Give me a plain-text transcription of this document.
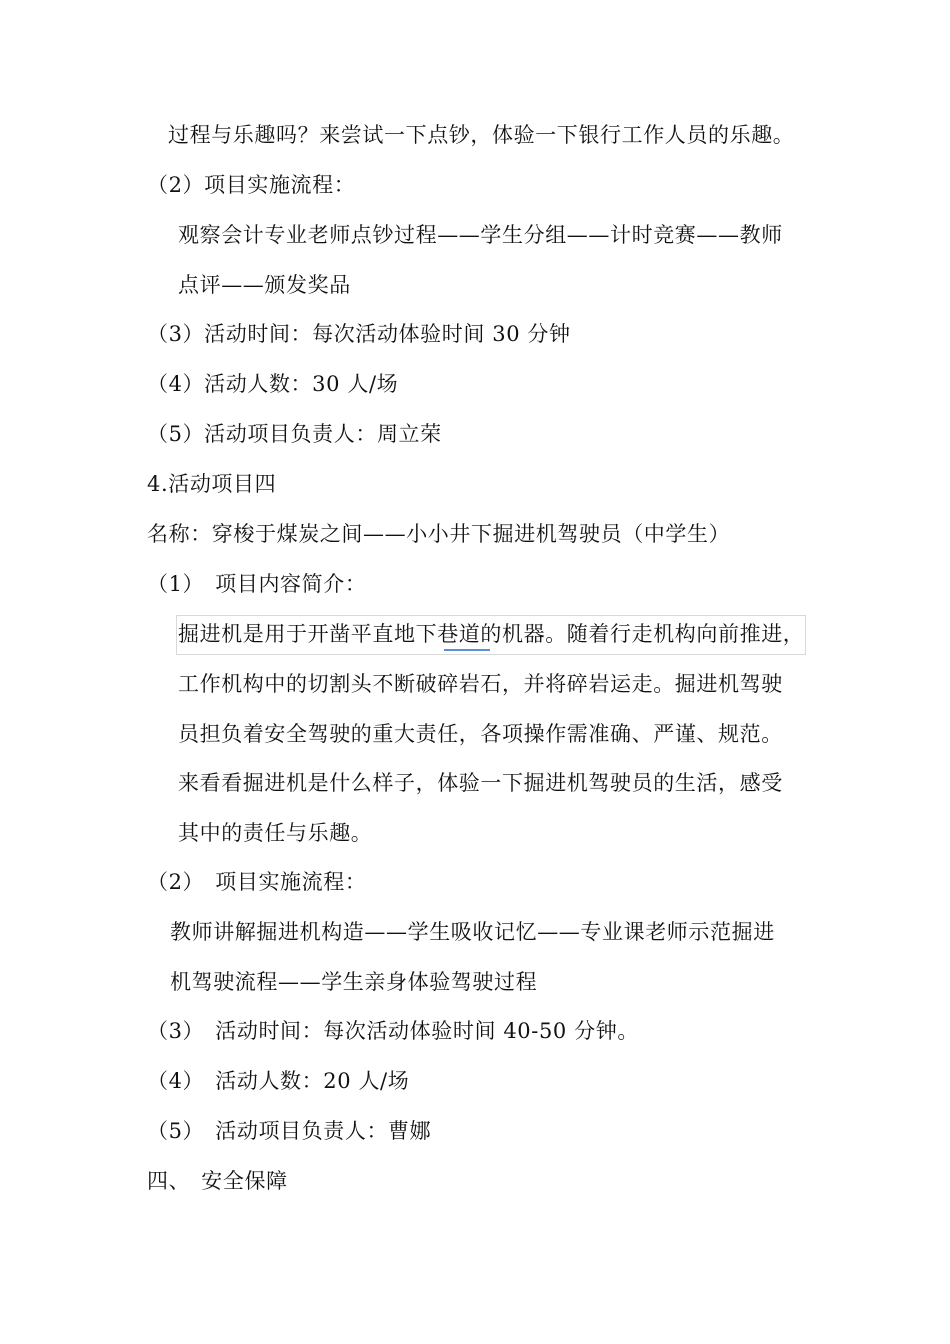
过程与乐趣吗？来尝试一下点钞，体验一下银行工作人员的乐趣。
（2）项目实施流程：
观察会计专业老师点钞过程——学生分组——计时竞赛——教师
点评——颁发奖品
（3）活动时间：每次活动体验时间 30 分钟
（4）活动人数：30 人/场
（5）活动项目负责人：周立荣
4.活动项目四
名称：穿梭于煤炭之间——小小井下掘进机驾驶员（中学生）
（1）　项目内容简介：
掘进机是用于开凿平直地下巷道的机器。随着行走机构向前推进，
工作机构中的切割头不断破碎岩石，并将碎岩运走。掘进机驾驶
员担负着安全驾驶的重大责任，各项操作需准确、严谨、规范。
来看看掘进机是什么样子，体验一下掘进机驾驶员的生活，感受
其中的责任与乐趣。
（2）　项目实施流程：
教师讲解掘进机构造——学生吸收记忆——专业课老师示范掘进
机驾驶流程——学生亲身体验驾驶过程
（3）　活动时间：每次活动体验时间 40-50 分钟。
（4）　活动人数：20 人/场
（5）　活动项目负责人：曹娜
四、　安全保障
